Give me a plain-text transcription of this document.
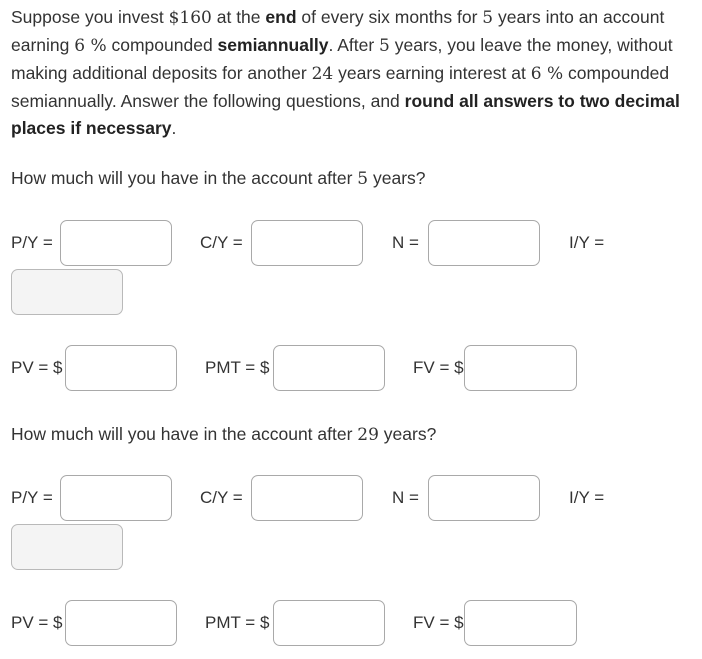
Suppose you invest $160 at the end of every six months for 5 years into an account earning 6 % compounded semiannually. After 5 years, you leave the money, without making additional deposits for another 24 years earning interest at 6 % compounded semiannually. Answer the following questions, and round all answers to two decimal places if necessary.
How much will you have in the account after 5 years?
P/Y =	C/Y =	N =	I/Y =
PV = $	PMT = $	FV = $
How much will you have in the account after 29 years?
P/Y =	C/Y =	N =	I/Y =
PV = $	PMT = $	FV = $
